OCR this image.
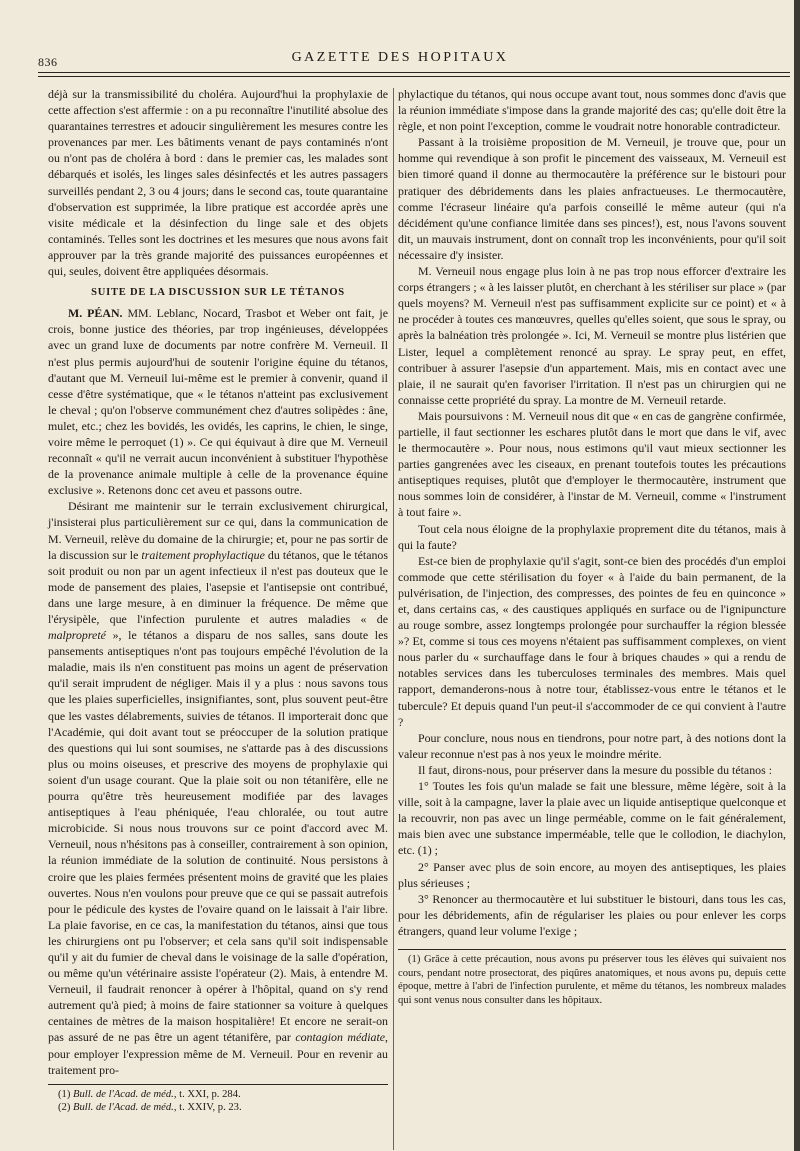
836	GAZETTE DES HOPITAUX

déjà sur la transmissibilité du choléra. Aujourd'hui la prophylaxie de cette affection s'est affermie : on a pu reconnaître l'inutilité absolue des quarantaines terrestres et adoucir singulièrement les mesures contre les provenances par mer. Les bâtiments venant de pays contaminés n'ont ou n'ont pas de choléra à bord : dans le premier cas, les malades sont débarqués et isolés, les linges sales désinfectés et les autres passagers surveillés pendant 2, 3 ou 4 jours; dans le second cas, toute quarantaine d'observation est supprimée, la libre pratique est accordée après une visite médicale et la désinfection du linge sale et des objets contaminés. Telles sont les doctrines et les mesures que nous avons fait approuver par la très grande majorité des puissances européennes et qui, seules, doivent être appliquées désormais.

SUITE DE LA DISCUSSION SUR LE TÉTANOS

M. PÉAN. MM. Leblanc, Nocard, Trasbot et Weber ont fait, je crois, bonne justice des théories, par trop ingénieuses, développées avec un grand luxe de documents par notre confrère M. Verneuil. Il n'est plus permis aujourd'hui de soutenir l'origine équine du tétanos, d'autant que M. Verneuil lui-même est le premier à convenir, quand il cesse d'être systématique, que « le tétanos n'atteint pas exclusivement le cheval ; qu'on l'observe communément chez d'autres solipèdes : âne, mulet, etc.; chez les bovidés, les ovidés, les caprins, le chien, le singe, voire même le perroquet (1) ». Ce qui équivaut à dire que M. Verneuil reconnaît « qu'il ne verrait aucun inconvénient à substituer l'hypothèse de la provenance animale multiple à celle de la provenance équine exclusive ». Retenons donc cet aveu et passons outre.

Désirant me maintenir sur le terrain exclusivement chirurgical, j'insisterai plus particulièrement sur ce qui, dans la communication de M. Verneuil, relève du domaine de la chirurgie; et, pour ne pas sortir de la discussion sur le traitement prophylactique du tétanos, que le tétanos soit produit ou non par un agent infectieux il n'est pas douteux que le mode de pansement des plaies, l'asepsie et l'antisepsie ont contribué, dans une large mesure, à en diminuer la fréquence. De même que l'érysipèle, que l'infection purulente et autres maladies « de malpropreté », le tétanos a disparu de nos salles, sans doute les pansements antiseptiques n'ont pas toujours empêché l'évolution de la maladie, mais ils n'en constituent pas moins un agent de préservation qu'il serait imprudent de négliger. Mais il y a plus : nous savons tous que les plaies superficielles, insignifiantes, sont, plus souvent peut-être que les vastes délabrements, suivies de tétanos. Il importerait donc que l'Académie, qui doit avant tout se préoccuper de la solution pratique des questions qui lui sont soumises, ne s'attarde pas à des discussions plus ou moins oiseuses, et prescrive des moyens de prophylaxie qui soient d'un usage courant. Que la plaie soit ou non tétanifère, elle ne pourra qu'être très heureusement modifiée par des lavages antiseptiques à l'eau phéniquée, l'eau chloralée, ou tout autre microbicide. Si nous nous trouvons sur ce point d'accord avec M. Verneuil, nous n'hésitons pas à conseiller, contrairement à son opinion, la réunion immédiate de la solution de continuité. Nous persistons à croire que les plaies fermées présentent moins de gravité que les plaies ouvertes. Nous n'en voulons pour preuve que ce qui se passait autrefois pour le pédicule des kystes de l'ovaire quand on le laissait à l'air libre. La plaie favorise, en ce cas, la manifestation du tétanos, ainsi que tous les chirurgiens ont pu l'observer; et cela sans qu'il soit indispensable qu'il y ait du fumier de cheval dans le voisinage de la salle d'opération, ou même qu'un vétérinaire assiste l'opérateur (2). Mais, à entendre M. Verneuil, il faudrait renoncer à opérer à l'hôpital, quand on s'y rend autrement qu'à pied; à moins de faire stationner sa voiture à quelques centaines de mètres de la maison hospitalière! Et encore ne serait-on pas assuré de ne pas être un agent tétanifère, par contagion médiate, pour employer l'expression même de M. Verneuil. Pour en revenir au traitement pro-

(1) Bull. de l'Acad. de méd., t. XXI, p. 284.

(2) Bull. de l'Acad. de méd., t. XXIV, p. 23.

phylactique du tétanos, qui nous occupe avant tout, nous sommes donc d'avis que la réunion immédiate s'impose dans la grande majorité des cas; qu'elle doit être la règle, et non point l'exception, comme le voudrait notre honorable contradicteur.

Passant à la troisième proposition de M. Verneuil, je trouve que, pour un homme qui revendique à son profit le pincement des vaisseaux, M. Verneuil est bien timoré quand il donne au thermocautère la préférence sur le bistouri pour pratiquer des débridements dans les plaies anfractueuses. Le thermocautère, comme l'écraseur linéaire qu'a parfois conseillé le même auteur (qui n'a décidément qu'une confiance limitée dans ses pinces!), est, nous l'avons souvent dit, un mauvais instrument, dont on connaît trop les inconvénients, pour qu'il soit nécessaire d'y insister.

M. Verneuil nous engage plus loin à ne pas trop nous efforcer d'extraire les corps étrangers ; « à les laisser plutôt, en cherchant à les stériliser sur place » (par quels moyens? M. Verneuil n'est pas suffisamment explicite sur ce point) et « à ne procéder à toutes ces manœuvres, quelles qu'elles soient, que sous le spray, ou après la balnéation très prolongée ». Ici, M. Verneuil se montre plus listérien que Lister, lequel a complètement renoncé au spray. Le spray peut, en effet, contribuer à assurer l'asepsie d'un appartement. Mais, mis en contact avec une plaie, il ne saurait qu'en favoriser l'irritation. Il n'est pas un chirurgien qui ne connaisse cette propriété du spray. La montre de M. Verneuil retarde.

Mais poursuivons : M. Verneuil nous dit que « en cas de gangrène confirmée, partielle, il faut sectionner les eschares plutôt dans le mort que dans le vif, avec le thermocautère ». Pour nous, nous estimons qu'il vaut mieux sectionner les parties gangrenées avec les ciseaux, en prenant toutefois toutes les précautions antiseptiques requises, plutôt que d'employer le thermocautère, instrument que nous sommes loin de considérer, à l'instar de M. Verneuil, comme « l'instrument à tout faire ».

Tout cela nous éloigne de la prophylaxie proprement dite du tétanos, mais à qui la faute?

Est-ce bien de prophylaxie qu'il s'agit, sont-ce bien des procédés d'un emploi commode que cette stérilisation du foyer « à l'aide du bain permanent, de la pulvérisation, de l'injection, des compresses, des pointes de feu en quinconce » et, dans certains cas, « des caustiques appliqués en surface ou de l'ignipuncture au rouge sombre, assez longtemps prolongée pour surchauffer la région blessée »? Et, comme si tous ces moyens n'étaient pas suffisamment complexes, on vient nous parler du « surchauffage dans le four à briques chaudes » qui a rendu de notables services dans les tuberculoses terminales des membres. Mais quel rapport, demanderons-nous à notre tour, établissez-vous entre le tétanos et le tubercule? Et depuis quand l'un peut-il s'accommoder de ce qui convient à l'autre ?

Pour conclure, nous nous en tiendrons, pour notre part, à des notions dont la valeur reconnue n'est pas à nos yeux le moindre mérite.

Il faut, dirons-nous, pour préserver dans la mesure du possible du tétanos :

1° Toutes les fois qu'un malade se fait une blessure, même légère, soit à la ville, soit à la campagne, laver la plaie avec un liquide antiseptique quelconque et la recouvrir, non pas avec un linge perméable, comme on le fait généralement, mais bien avec une substance imperméable, telle que le collodion, le diachylon, etc. (1) ;

2° Panser avec plus de soin encore, au moyen des antiseptiques, les plaies plus sérieuses ;

3° Renoncer au thermocautère et lui substituer le bistouri, dans tous les cas, pour les débridements, afin de régulariser les plaies ou pour enlever les corps étrangers, quand leur volume l'exige ;

(1) Grâce à cette précaution, nous avons pu préserver tous les élèves qui suivaient nos cours, pendant notre prosectorat, des piqûres anatomiques, et nous avons pu, depuis cette époque, mettre à l'abri de l'infection purulente, et même du tétanos, les nombreux malades qui sont venus nous consulter dans les hôpitaux.
